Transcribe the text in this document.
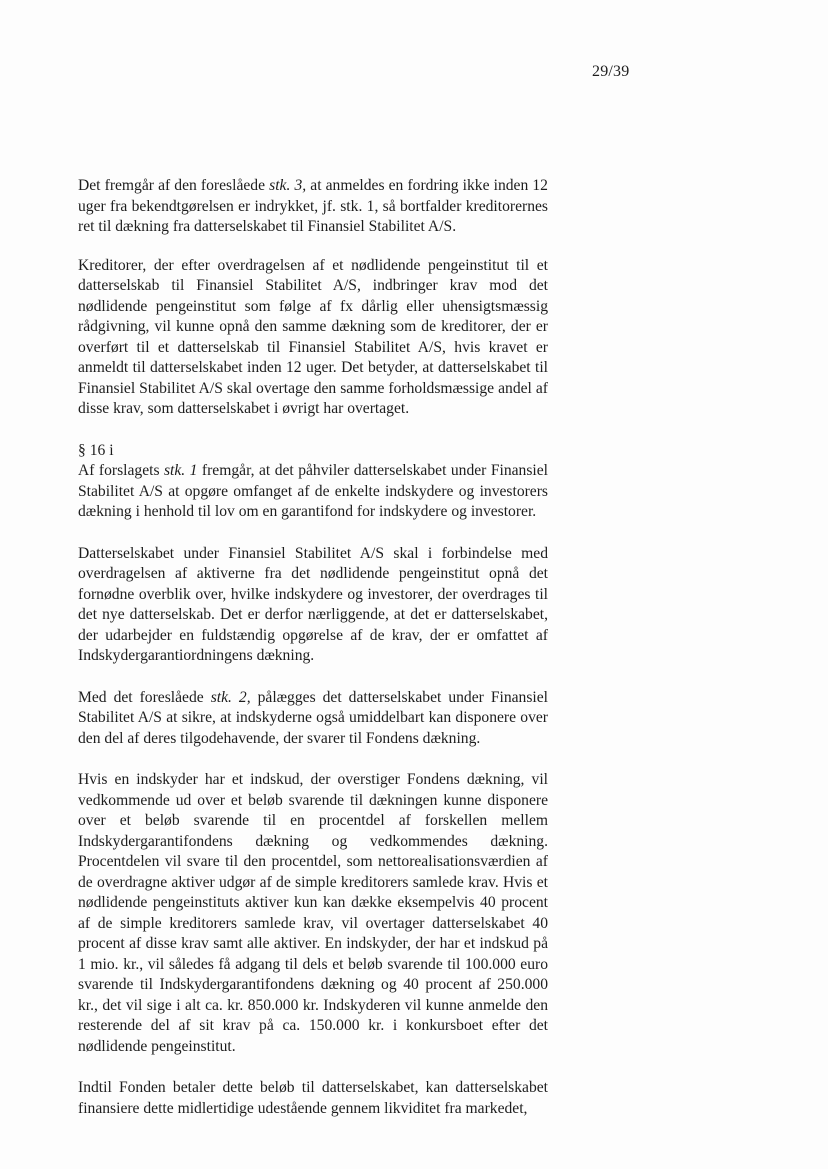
29/39

Det fremgår af den foreslåede stk. 3, at anmeldes en fordring ikke inden 12 uger fra bekendtgørelsen er indrykket, jf. stk. 1, så bortfalder kreditorernes ret til dækning fra datterselskabet til Finansiel Stabilitet A/S.

Kreditorer, der efter overdragelsen af et nødlidende pengeinstitut til et datterselskab til Finansiel Stabilitet A/S, indbringer krav mod det nødlidende pengeinstitut som følge af fx dårlig eller uhensigtsmæssig rådgivning, vil kunne opnå den samme dækning som de kreditorer, der er overført til et datterselskab til Finansiel Stabilitet A/S, hvis kravet er anmeldt til datterselskabet inden 12 uger. Det betyder, at datterselskabet til Finansiel Stabilitet A/S skal overtage den samme forholdsmæssige andel af disse krav, som datterselskabet i øvrigt har overtaget.

§ 16 i
Af forslagets stk. 1 fremgår, at det påhviler datterselskabet under Finansiel Stabilitet A/S at opgøre omfanget af de enkelte indskydere og investorers dækning i henhold til lov om en garantifond for indskydere og investorer.

Datterselskabet under Finansiel Stabilitet A/S skal i forbindelse med overdragelsen af aktiverne fra det nødlidende pengeinstitut opnå det fornødne overblik over, hvilke indskydere og investorer, der overdrages til det nye datterselskab. Det er derfor nærliggende, at det er datterselskabet, der udarbejder en fuldstændig opgørelse af de krav, der er omfattet af Indskydergarantiordningens dækning.

Med det foreslåede stk. 2, pålægges det datterselskabet under Finansiel Stabilitet A/S at sikre, at indskyderne også umiddelbart kan disponere over den del af deres tilgodehavende, der svarer til Fondens dækning.

Hvis en indskyder har et indskud, der overstiger Fondens dækning, vil vedkommende ud over et beløb svarende til dækningen kunne disponere over et beløb svarende til en procentdel af forskellen mellem Indskydergarantifondens dækning og vedkommendes dækning. Procentdelen vil svare til den procentdel, som nettorealisationsværdien af de overdragne aktiver udgør af de simple kreditorers samlede krav. Hvis et nødlidende pengeinstituts aktiver kun kan dække eksempelvis 40 procent af de simple kreditorers samlede krav, vil overtager datterselskabet 40 procent af disse krav samt alle aktiver. En indskyder, der har et indskud på 1 mio. kr., vil således få adgang til dels et beløb svarende til 100.000 euro svarende til Indskydergarantifondens dækning og 40 procent af 250.000 kr., det vil sige i alt ca. kr. 850.000 kr. Indskyderen vil kunne anmelde den resterende del af sit krav på ca. 150.000 kr. i konkursboet efter det nødlidende pengeinstitut.

Indtil Fonden betaler dette beløb til datterselskabet, kan datterselskabet finansiere dette midlertidige udestående gennem likviditet fra markedet,
